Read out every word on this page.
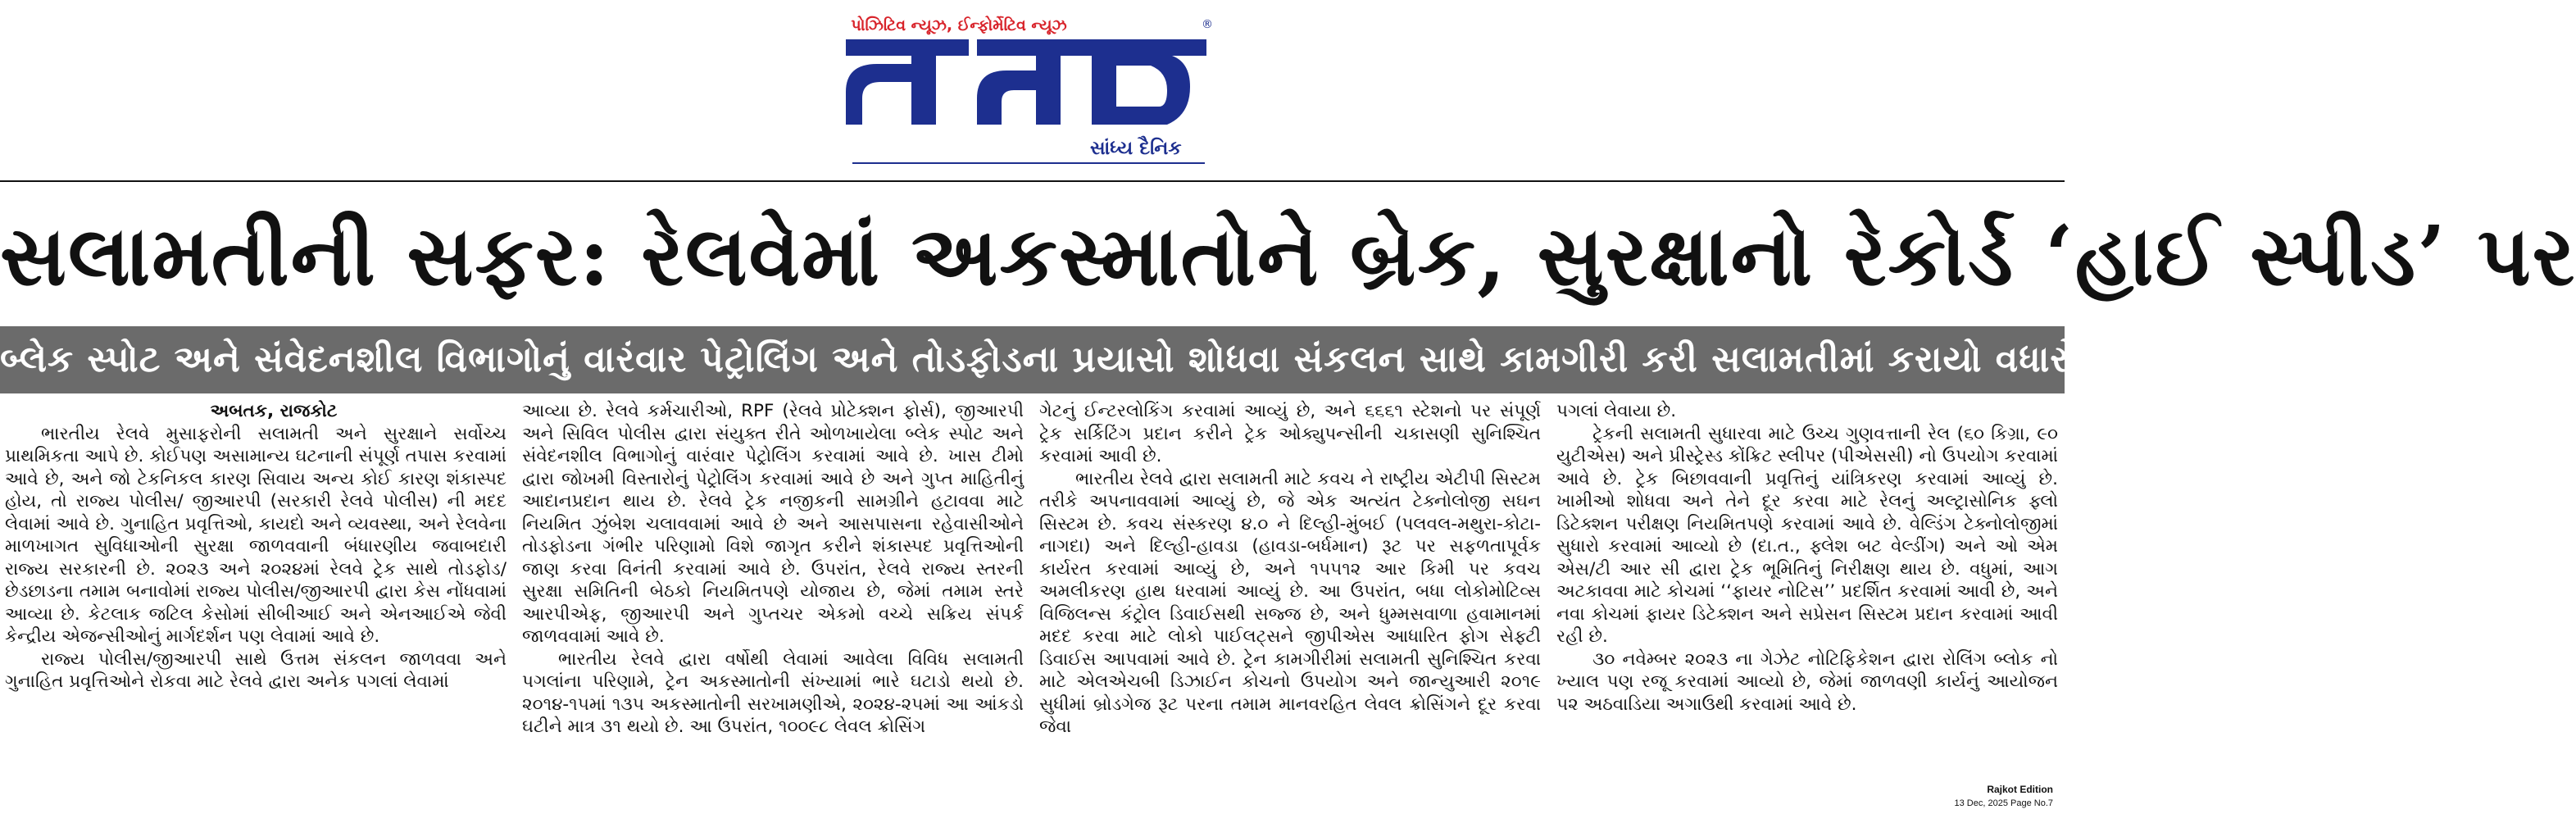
પોઝિટિવ ન્યૂઝ, ઈન્ફોર્મેટિવ ન્યૂઝ	®
સાંધ્ય દૈનિક
સલામતીની સફર: રેલવેમાં અકસ્માતોને બ્રેક, સુરક્ષાનો રેકોર્ડ ‘હાઈ સ્પીડ’ પર
બ્લેક સ્પોટ અને સંવેદનશીલ વિભાગોનું વારંવાર પેટ્રોલિંગ અને તોડફોડના પ્રયાસો શોધવા સંકલન સાથે કામગીરી કરી સલામતીમાં કરાયો વધારો

અબતક, રાજકોટ

ભારતીય રેલવે મુસાફરોની સલામતી અને સુરક્ષાને સર્વોચ્ચ પ્રાથમિકતા આપે છે. કોઈપણ અસામાન્ય ઘટનાની સંપૂર્ણ તપાસ કરવામાં આવે છે, અને જો ટેકનિકલ કારણ સિવાય અન્ય કોઈ કારણ શંકાસ્પદ હોય, તો રાજ્ય પોલીસ/ જીઆરપી (સરકારી રેલવે પોલીસ) ની મદદ લેવામાં આવે છે. ગુનાહિત પ્રવૃત્તિઓ, કાયદો અને વ્યવસ્થા, અને રેલવેના માળખાગત સુવિધાઓની સુરક્ષા જાળવવાની બંધારણીય જવાબદારી રાજ્ય સરકારની છે. ૨૦૨૩ અને ૨૦૨૪માં રેલવે ટ્રેક સાથે તોડફોડ/છેડછાડના તમામ બનાવોમાં રાજ્ય પોલીસ/જીઆરપી દ્વારા કેસ નોંધવામાં આવ્યા છે. કેટલાક જટિલ કેસોમાં સીબીઆઈ અને એનઆઈએ જેવી કેન્દ્રીય એજન્સીઓનું માર્ગદર્શન પણ લેવામાં આવે છે.

રાજ્ય પોલીસ/જીઆરપી સાથે ઉત્તમ સંકલન જાળવવા અને ગુનાહિત પ્રવૃત્તિઓને રોકવા માટે રેલવે દ્વારા અનેક પગલાં લેવામાં

આવ્યા છે. રેલવે કર્મચારીઓ, RPF (રેલવે પ્રોટેક્શન ફોર્સ), જીઆરપી અને સિવિલ પોલીસ દ્વારા સંયુક્ત રીતે ઓળખાયેલા બ્લેક સ્પોટ અને સંવેદનશીલ વિભાગોનું વારંવાર પેટ્રોલિંગ કરવામાં આવે છે. ખાસ ટીમો દ્વારા જોખમી વિસ્તારોનું પેટ્રોલિંગ કરવામાં આવે છે અને ગુપ્ત માહિતીનું આદાનપ્રદાન થાય છે. રેલવે ટ્રેક નજીકની સામગ્રીને હટાવવા માટે નિયમિત ઝુંબેશ ચલાવવામાં આવે છે અને આસપાસના રહેવાસીઓને તોડફોડના ગંભીર પરિણામો વિશે જાગૃત કરીને શંકાસ્પદ પ્રવૃત્તિઓની જાણ કરવા વિનંતી કરવામાં આવે છે. ઉપરાંત, રેલવે રાજ્ય સ્તરની સુરક્ષા સમિતિની બેઠકો નિયમિતપણે યોજાય છે, જેમાં તમામ સ્તરે આરપીએફ, જીઆરપી અને ગુપ્તચર એકમો વચ્ચે સક્રિય સંપર્ક જાળવવામાં આવે છે.

ભારતીય રેલવે દ્વારા વર્ષોથી લેવામાં આવેલા વિવિધ સલામતી પગલાંના પરિણામે, ટ્રેન અકસ્માતોની સંખ્યામાં ભારે ઘટાડો થયો છે. ૨૦૧૪-૧૫માં ૧૩૫ અકસ્માતોની સરખામણીએ, ૨૦૨૪-૨૫માં આ આંકડો ઘટીને માત્ર ૩૧ થયો છે. આ ઉપરાંત, ૧૦૦૯૮ લેવલ ક્રોસિંગ

ગેટનું ઈન્ટરલોકિંગ કરવામાં આવ્યું છે, અને ૬૬૬૧ સ્ટેશનો પર સંપૂર્ણ ટ્રેક સર્કિટિંગ પ્રદાન કરીને ટ્રેક ઓક્યુપન્સીની ચકાસણી સુનિશ્ચિત કરવામાં આવી છે.

ભારતીય રેલવે દ્વારા સલામતી માટે કવચ ને રાષ્ટ્રીય એટીપી સિસ્ટમ તરીકે અપનાવવામાં આવ્યું છે, જે એક અત્યંત ટેક્નોલોજી સઘન સિસ્ટમ છે. કવચ સંસ્કરણ ૪.૦ ને દિલ્હી-મુંબઈ (પલવલ-મથુરા-કોટા-નાગદા) અને દિલ્હી-હાવડા (હાવડા-બર્ધમાન) રૂટ પર સફળતાપૂર્વક કાર્યરત કરવામાં આવ્યું છે, અને ૧૫૫૧૨ આર કિમી પર કવચ અમલીકરણ હાથ ધરવામાં આવ્યું છે. આ ઉપરાંત, બધા લોકોમોટિવ્સ વિજિલન્સ કંટ્રોલ ડિવાઈસથી સજ્જ છે, અને ધુમ્મસવાળા હવામાનમાં મદદ કરવા માટે લોકો પાઈલટ્સને જીપીએસ આધારિત ફોગ સેફ્ટી ડિવાઈસ આપવામાં આવે છે. ટ્રેન કામગીરીમાં સલામતી સુનિશ્ચિત કરવા માટે એલએચબી ડિઝાઈન કોચનો ઉપયોગ અને જાન્યુઆરી ૨૦૧૯ સુધીમાં બ્રોડગેજ રૂટ પરના તમામ માનવરહિત લેવલ ક્રોસિંગને દૂર કરવા જેવા

પગલાં લેવાયા છે.

ટ્રેકની સલામતી સુધારવા માટે ઉચ્ચ ગુણવત્તાની રેલ (૬૦ કિગ્રા, ૯૦ યુટીએસ) અને પ્રીસ્ટ્રેસ્ડ કોંક્રિટ સ્લીપર (પીએસસી) નો ઉપયોગ કરવામાં આવે છે. ટ્રેક બિછાવવાની પ્રવૃત્તિનું યાંત્રિકરણ કરવામાં આવ્યું છે. ખામીઓ શોધવા અને તેને દૂર કરવા માટે રેલનું અલ્ટ્રાસોનિક ફ્લો ડિટેક્શન પરીક્ષણ નિયમિતપણે કરવામાં આવે છે. વેલ્ડિંગ ટેક્નોલોજીમાં સુધારો કરવામાં આવ્યો છે (દા.ત., ફ્લેશ બટ વેલ્ડીંગ) અને ઓ એમ એસ/ટી આર સી દ્વારા ટ્રેક ભૂમિતિનું નિરીક્ષણ થાય છે. વધુમાં, આગ અટકાવવા માટે કોચમાં ‘‘ફાયર નોટિસ’’ પ્રદર્શિત કરવામાં આવી છે, અને નવા કોચમાં ફાયર ડિટેક્શન અને સપ્રેસન સિસ્ટમ પ્રદાન કરવામાં આવી રહી છે.

૩૦ નવેમ્બર ૨૦૨૩ ના ગેઝેટ નોટિફિકેશન દ્વારા રોલિંગ બ્લોક નો ખ્યાલ પણ રજૂ કરવામાં આવ્યો છે, જેમાં જાળવણી કાર્યનું આયોજન ૫૨ અઠવાડિયા અગાઉથી કરવામાં આવે છે.

Rajkot Edition
13 Dec, 2025 Page No.7
